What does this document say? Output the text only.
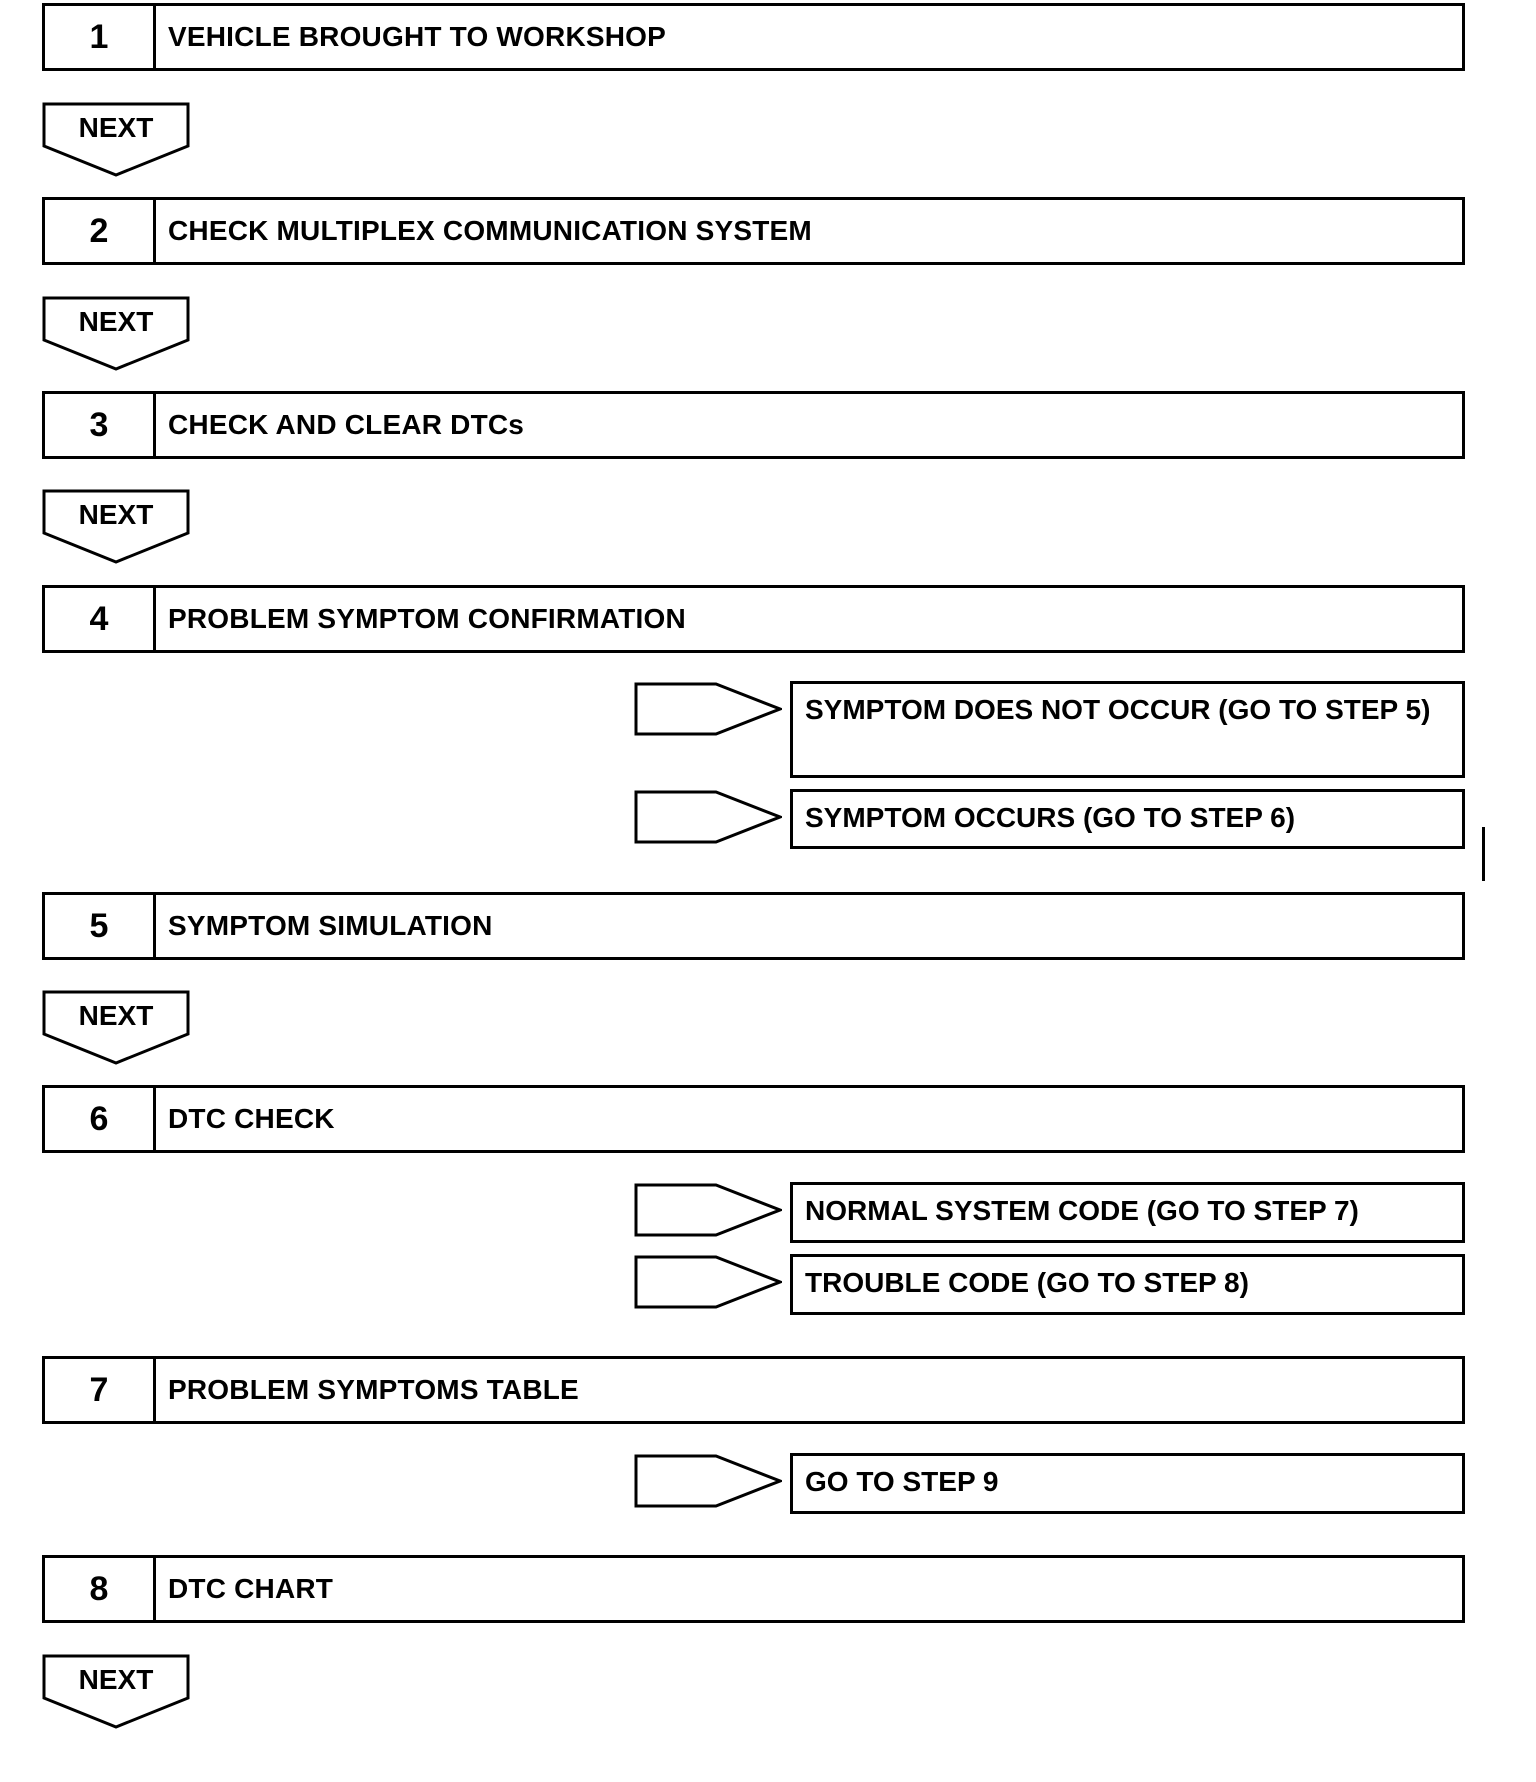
1	VEHICLE BROUGHT TO WORKSHOP
NEXT
2	CHECK MULTIPLEX COMMUNICATION SYSTEM
NEXT
3	CHECK AND CLEAR DTCs
NEXT
4	PROBLEM SYMPTOM CONFIRMATION
SYMPTOM DOES NOT OCCUR (GO TO STEP 5)
SYMPTOM OCCURS (GO TO STEP 6)
5	SYMPTOM SIMULATION
NEXT
6	DTC CHECK
NORMAL SYSTEM CODE (GO TO STEP 7)
TROUBLE CODE (GO TO STEP 8)
7	PROBLEM SYMPTOMS TABLE
GO TO STEP 9
8	DTC CHART
NEXT
